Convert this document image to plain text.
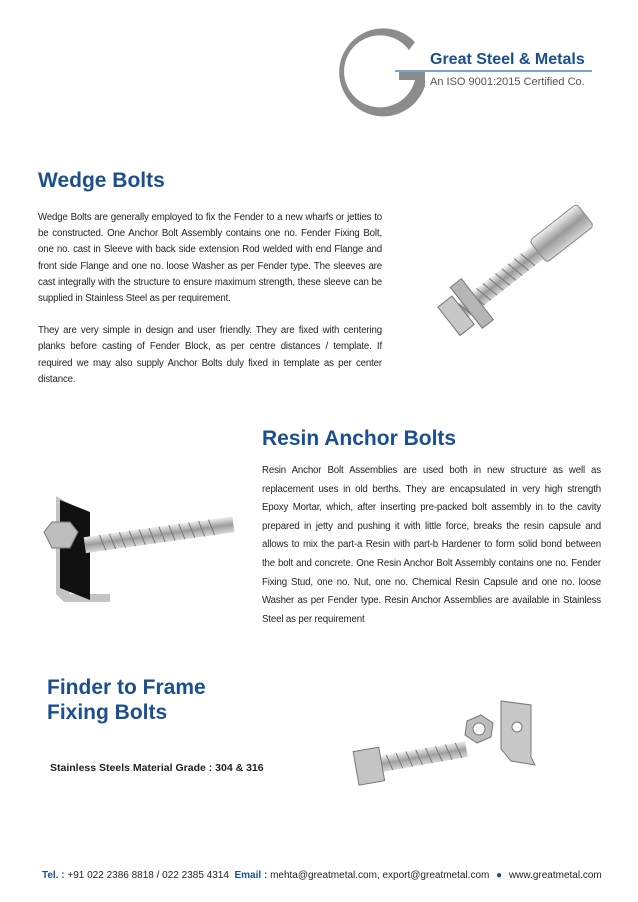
Great Steel & Metals
An ISO 9001:2015 Certified Co.
Wedge Bolts

Wedge Bolts are generally employed to fix the Fender to a new wharfs or jetties to be constructed. One Anchor Bolt Assembly contains one no. Fender Fixing Bolt, one no. cast in Sleeve with back side extension Rod welded with end Flange and front side Flange and one no. loose Washer as per Fender type. The sleeves are cast integrally with the structure to ensure maximum strength, these sleeve can be supplied in Stainless Steel as per requirement.

They are very simple in design and user friendly. They are fixed with centering planks before casting of Fender Block, as per centre distances / template. If required we may also supply Anchor Bolts duly fixed in template as per center distance.

Resin Anchor Bolts

Resin Anchor Bolt Assemblies are used both in new structure as well as replacement uses in old berths. They are encapsulated in very high strength Epoxy Mortar, which, after inserting pre-packed bolt assembly in to the cavity prepared in jetty and pushing it with little force, breaks the resin capsule and allows to mix the part-a Resin with part-b Hardener to form solid bond between the bolt and concrete. One Resin Anchor Bolt Assembly contains one no. Fender Fixing Stud, one no. Nut, one no. Chemical Resin Capsule and one no. loose Washer as per Fender type. Resin Anchor Assemblies are available in Stainless Steel as per requirement

Finder to Frame
Fixing Bolts
Stainless Steels Material Grade : 304 & 316
Tel. : +91 022 2386 8818 / 022 2385 4314 Email : mehta@greatmetal.com, export@greatmetal.com ● www.greatmetal.com
